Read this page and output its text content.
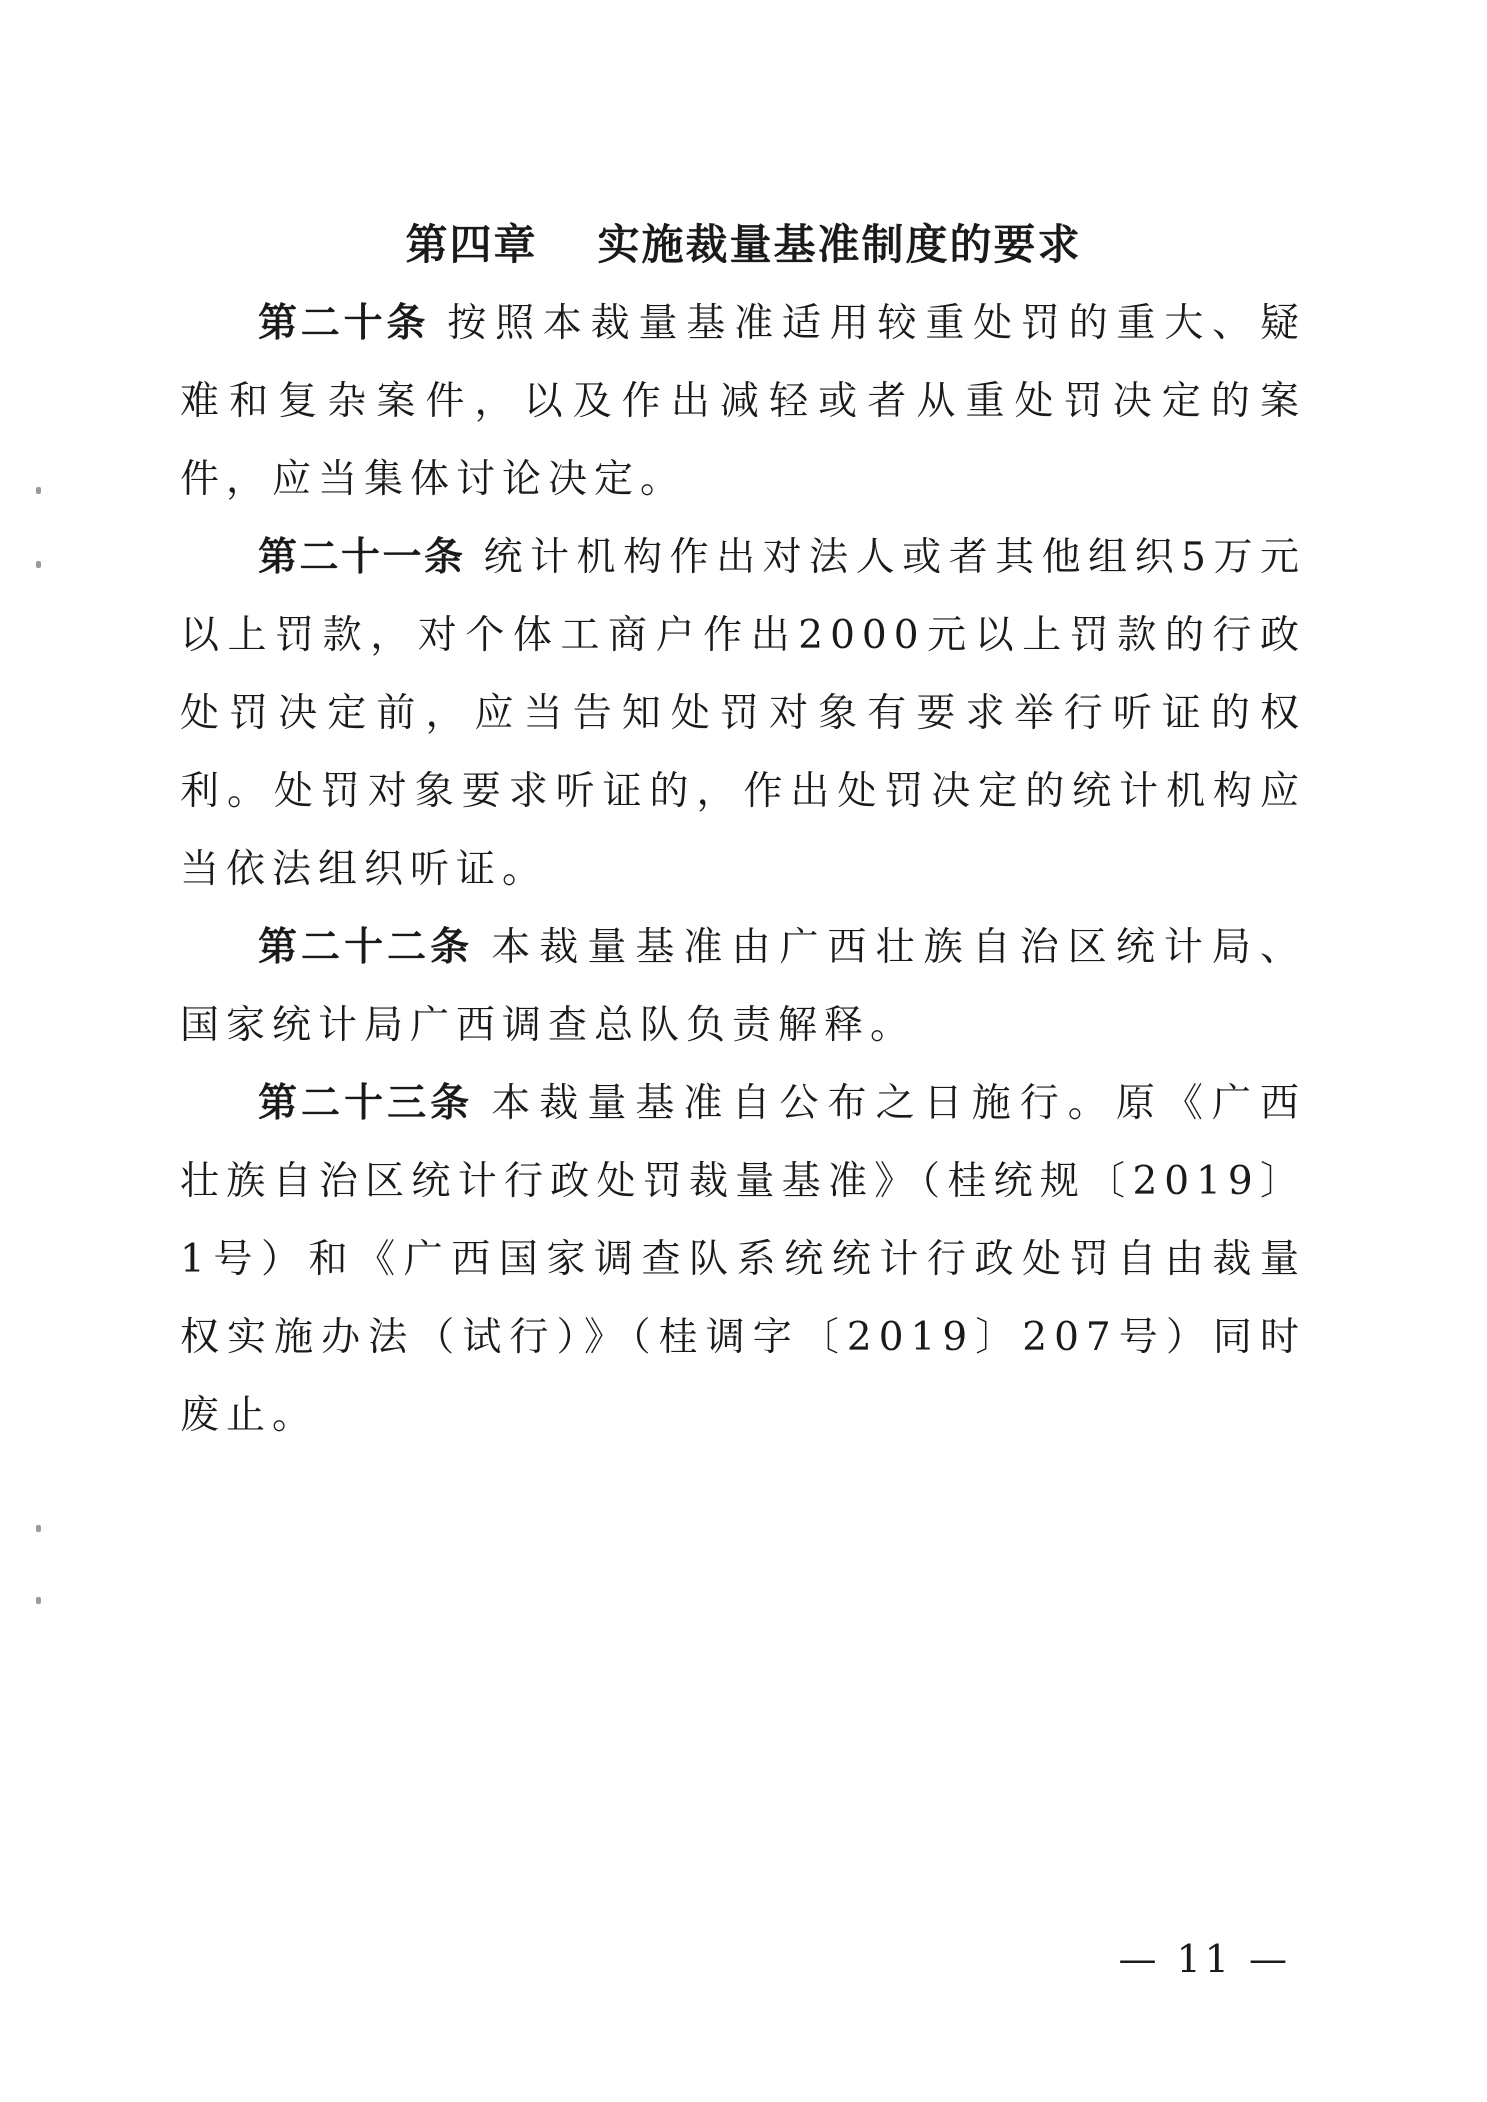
第四章 实施裁量基准制度的要求

第二十条 按照本裁量基准适用较重处罚的重大、疑难和复杂案件，以及作出减轻或者从重处罚决定的案件，应当集体讨论决定。

第二十一条 统计机构作出对法人或者其他组织5万元以上罚款，对个体工商户作出2000元以上罚款的行政处罚决定前，应当告知处罚对象有要求举行听证的权利。处罚对象要求听证的，作出处罚决定的统计机构应当依法组织听证。

第二十二条 本裁量基准由广西壮族自治区统计局、国家统计局广西调查总队负责解释。

第二十三条 本裁量基准自公布之日施行。原《广西壮族自治区统计行政处罚裁量基准》（桂统规〔2019〕1号）和《广西国家调查队系统统计行政处罚自由裁量权实施办法（试行）》（桂调字〔2019〕207号）同时废止。

— 11 —
